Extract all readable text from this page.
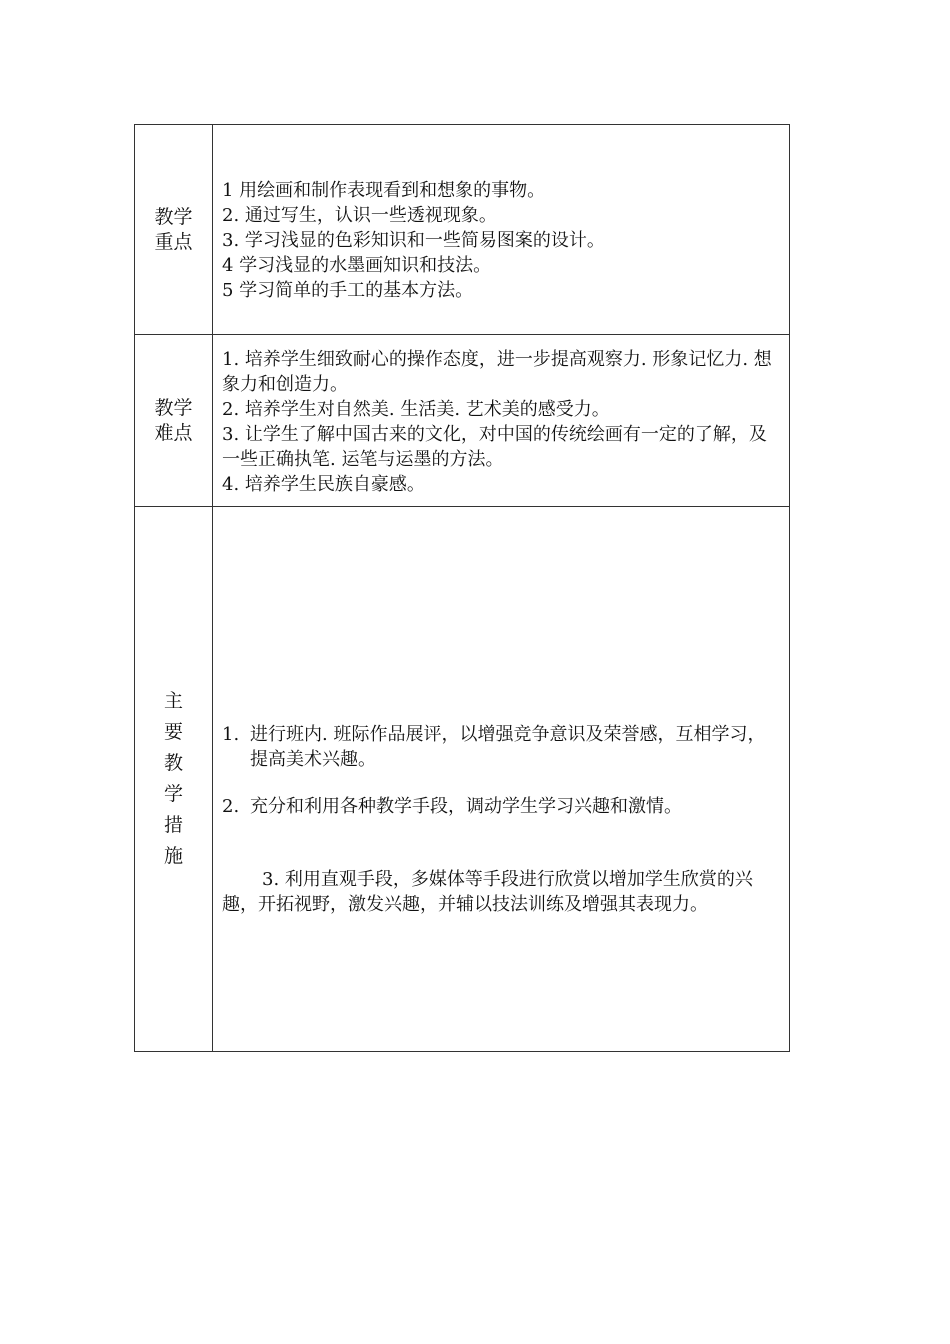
教学重点	1 用绘画和制作表现看到和想象的事物。
2. 通过写生，认识一些透视现象。
3. 学习浅显的色彩知识和一些简易图案的设计。
4 学习浅显的水墨画知识和技法。
5 学习简单的手工的基本方法。

教学难点	1. 培养学生细致耐心的操作态度，进一步提高观察力. 形象记忆力. 想象力和创造力。
2. 培养学生对自然美. 生活美. 艺术美的感受力。
3. 让学生了解中国古来的文化，对中国的传统绘画有一定的了解，及一些正确执笔. 运笔与运墨的方法。
4. 培养学生民族自豪感。

主要教学措施	1. 进行班内. 班际作品展评，以增强竞争意识及荣誉感，互相学习，提高美术兴趣。
2. 充分和利用各种教学手段，调动学生学习兴趣和激情。
3. 利用直观手段，多媒体等手段进行欣赏以增加学生欣赏的兴趣，开拓视野，激发兴趣，并辅以技法训练及增强其表现力。
